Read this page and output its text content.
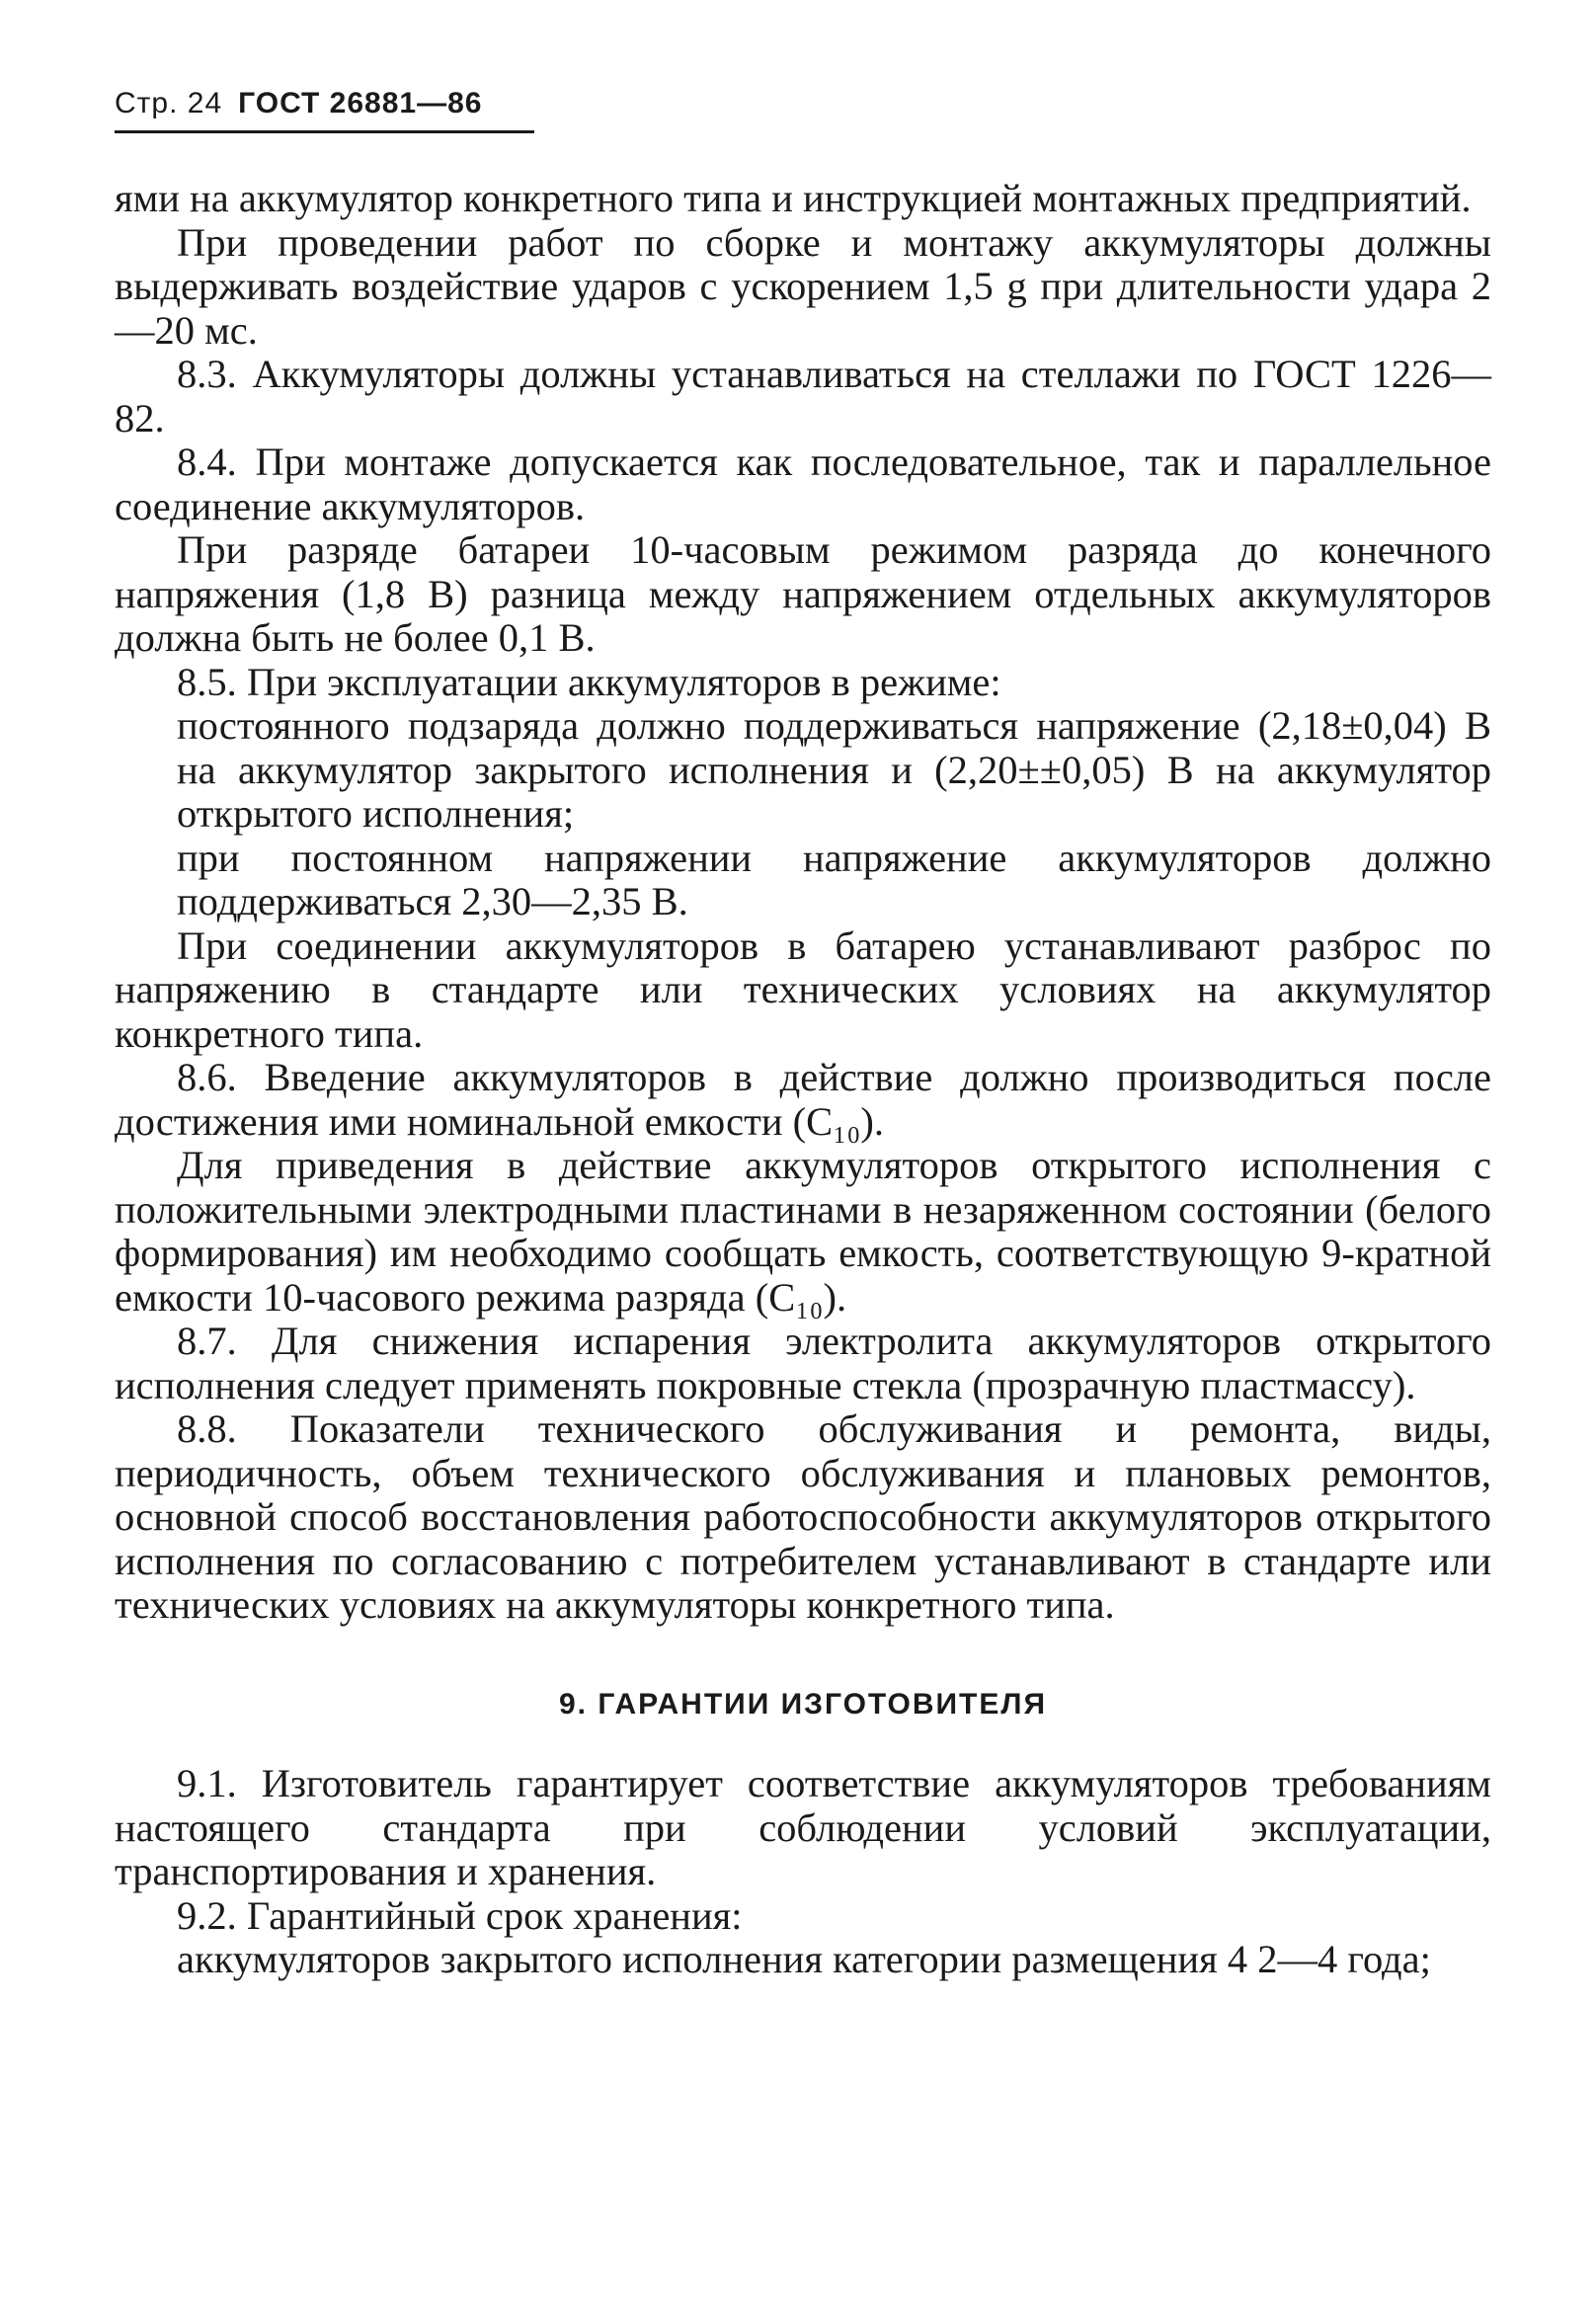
Стр. 24 ГОСТ 26881—86

ями на аккумулятор конкретного типа и инструкцией монтажных предприятий.

При проведении работ по сборке и монтажу аккумуляторы должны выдерживать воздействие ударов с ускорением 1,5 g при длительности удара 2—20 мс.

8.3. Аккумуляторы должны устанавливаться на стеллажи по ГОСТ 1226—82.

8.4. При монтаже допускается как последовательное, так и параллельное соединение аккумуляторов.

При разряде батареи 10-часовым режимом разряда до конечного напряжения (1,8 В) разница между напряжением отдельных аккумуляторов должна быть не более 0,1 В.

8.5. При эксплуатации аккумуляторов в режиме:

постоянного подзаряда должно поддерживаться напряжение (2,18±0,04) В на аккумулятор закрытого исполнения и (2,20±±0,05) В на аккумулятор открытого исполнения;

при постоянном напряжении напряжение аккумуляторов должно поддерживаться 2,30—2,35 В.

При соединении аккумуляторов в батарею устанавливают разброс по напряжению в стандарте или технических условиях на аккумулятор конкретного типа.

8.6. Введение аккумуляторов в действие должно производиться после достижения ими номинальной емкости (C₁₀).

Для приведения в действие аккумуляторов открытого исполнения с положительными электродными пластинами в незаряженном состоянии (белого формирования) им необходимо сообщать емкость, соответствующую 9-кратной емкости 10-часового режима разряда (C₁₀).

8.7. Для снижения испарения электролита аккумуляторов открытого исполнения следует применять покровные стекла (прозрачную пластмассу).

8.8. Показатели технического обслуживания и ремонта, виды, периодичность, объем технического обслуживания и плановых ремонтов, основной способ восстановления работоспособности аккумуляторов открытого исполнения по согласованию с потребителем устанавливают в стандарте или технических условиях на аккумуляторы конкретного типа.

9. ГАРАНТИИ ИЗГОТОВИТЕЛЯ

9.1. Изготовитель гарантирует соответствие аккумуляторов требованиям настоящего стандарта при соблюдении условий эксплуатации, транспортирования и хранения.

9.2. Гарантийный срок хранения:

аккумуляторов закрытого исполнения категории размещения 4 2—4 года;
